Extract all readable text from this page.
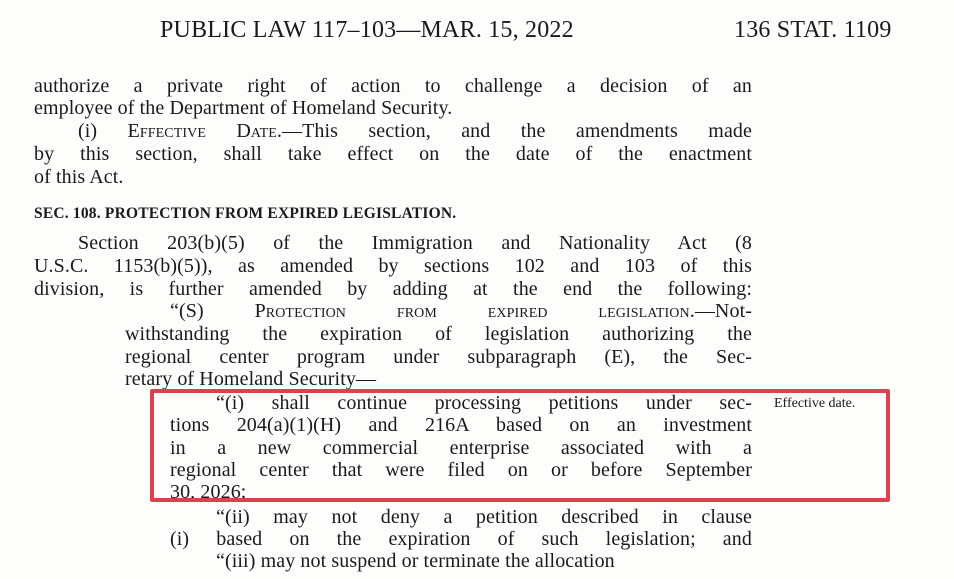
PUBLIC LAW 117–103—MAR. 15, 2022	136 STAT. 1109
authorize a private right of action to challenge a decision of an
employee of the Department of Homeland Security.
(i) Effective Date.—This section, and the amendments made
by this section, shall take effect on the date of the enactment
of this Act.
SEC. 108. PROTECTION FROM EXPIRED LEGISLATION.
Section 203(b)(5) of the Immigration and Nationality Act (8
U.S.C. 1153(b)(5)), as amended by sections 102 and 103 of this
division, is further amended by adding at the end the following:
“(S) Protection from expired legislation.—Not-
withstanding the expiration of legislation authorizing the
regional center program under subparagraph (E), the Sec-
retary of Homeland Security—
“(i) shall continue processing petitions under sec-
tions 204(a)(1)(H) and 216A based on an investment
in a new commercial enterprise associated with a
regional center that were filed on or before September
30, 2026;
“(ii) may not deny a petition described in clause
(i) based on the expiration of such legislation; and
“(iii) may not suspend or terminate the allocation
Effective date.
